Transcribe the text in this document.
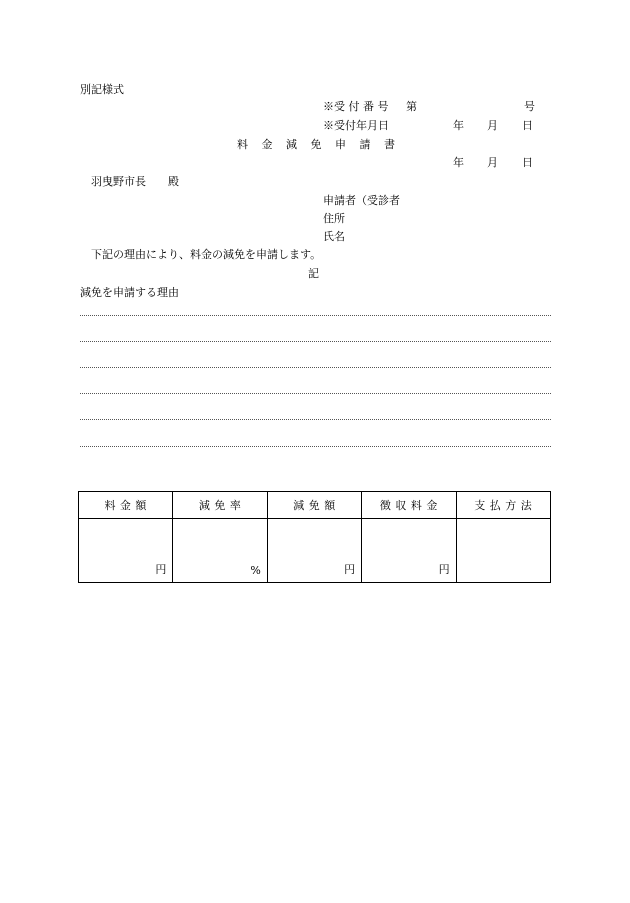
別記様式
※受 付 番 号 第	号
※受付年月日	年 月 日
料 金 減 免 申 請 書
年 月 日
羽曳野市長　　殿
申請者（受診者
住所
氏名
下記の理由により、料金の減免を申請します。
記
減免を申請する理由
料 金 額	減 免 率	減 免 額	徴 収 料 金	支 払 方 法
円	%	円	円	
